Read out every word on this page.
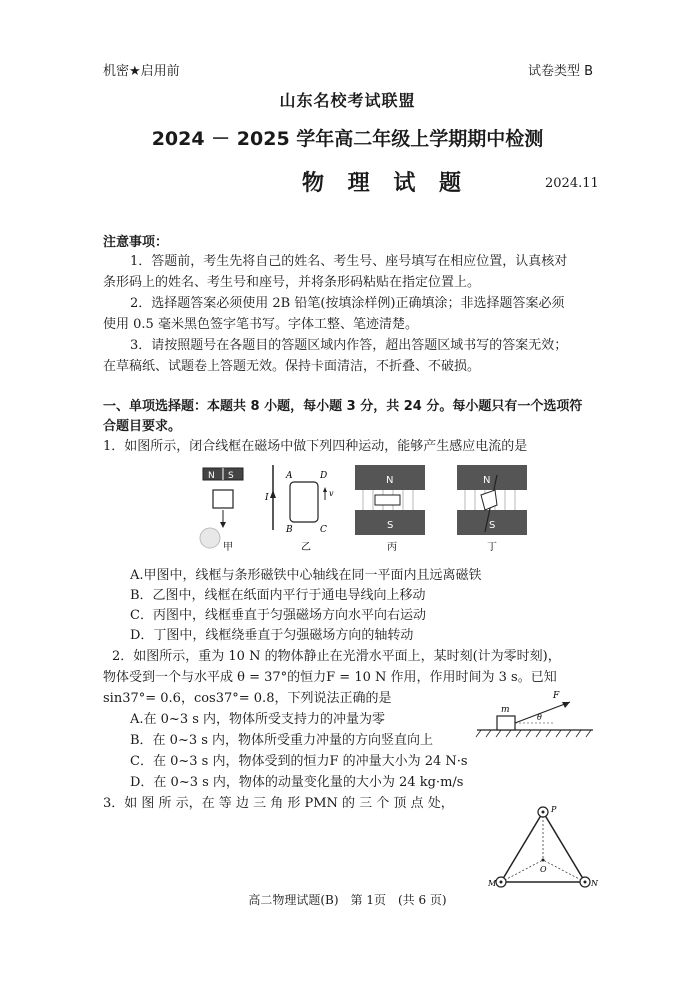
机密★启用前	试卷类型 B
山东名校考试联盟
2024 － 2025 学年高二年级上学期期中检测
物 理 试 题	2024.11
注意事项：
1．答题前，考生先将自己的姓名、考生号、座号填写在相应位置，认真核对
条形码上的姓名、考生号和座号，并将条形码粘贴在指定位置上。
2．选择题答案必须使用 2B 铅笔(按填涂样例)正确填涂；非选择题答案必须
使用 0.5 毫米黑色签字笔书写。字体工整、笔迹清楚。
3．请按照题号在各题目的答题区域内作答，超出答题区域书写的答案无效；
在草稿纸、试题卷上答题无效。保持卡面清洁，不折叠、不破损。
一、单项选择题：本题共 8 小题，每小题 3 分，共 24 分。每小题只有一个选项符
合题目要求。
1．如图所示，闭合线框在磁场中做下列四种运动，能够产生感应电流的是
N S
甲
I
A	D
B	C
v
乙
N
S
丙
N
S
丁
A.甲图中，线框与条形磁铁中心轴线在同一平面内且远离磁铁
B．乙图中，线框在纸面内平行于通电导线向上移动
C．丙图中，线框垂直于匀强磁场方向水平向右运动
D．丁图中，线框绕垂直于匀强磁场方向的轴转动
2．如图所示，重为 10 N 的物体静止在光滑水平面上，某时刻(计为零时刻)，
物体受到一个与水平成 θ = 37°的恒力F = 10 N 作用，作用时间为 3 s。已知
sin37°= 0.6，cos37°= 0.8，下列说法正确的是
m
F
θ
A.在 0~3 s 内，物体所受支持力的冲量为零
B．在 0~3 s 内，物体所受重力冲量的方向竖直向上
C．在 0~3 s 内，物体受到的恒力F 的冲量大小为 24 N·s
D．在 0~3 s 内，物体的动量变化量的大小为 24 kg·m/s
3．如 图 所 示，在 等 边 三 角 形 PMN 的 三 个 顶 点 处，	P
M	N
O
高二物理试题(B)　第 1页　(共 6 页)
